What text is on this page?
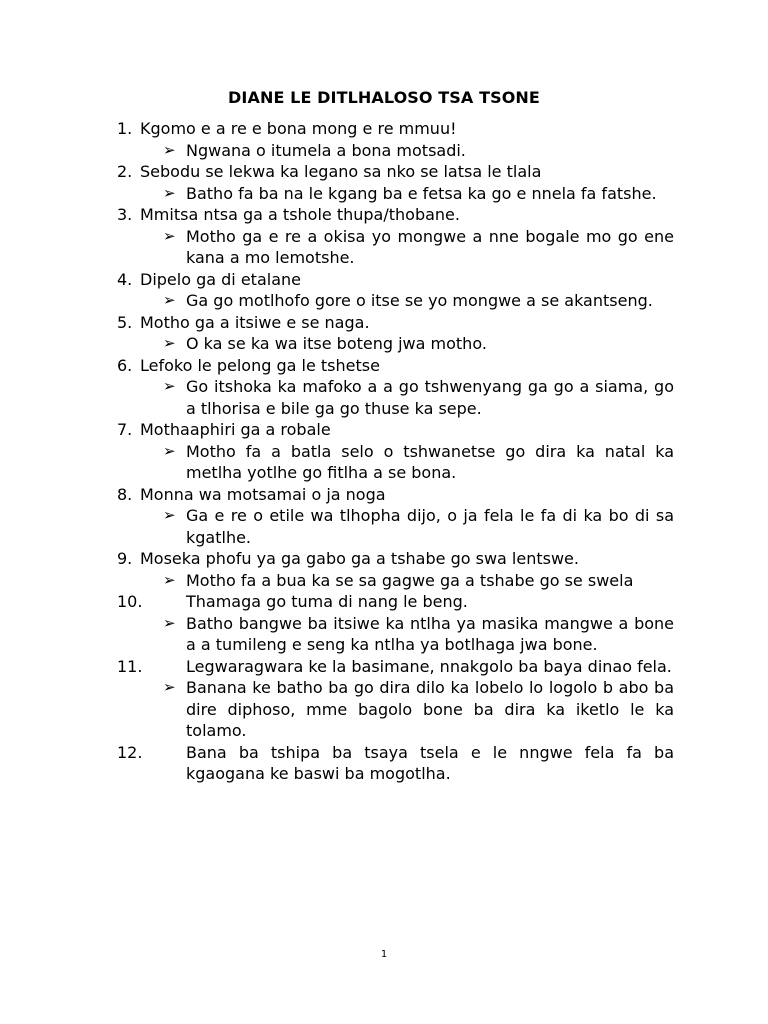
DIANE LE DITLHALOSO TSA TSONE
1. Kgomo e a re e bona mong e re mmuu!
➢ Ngwana o itumela a bona motsadi.
2. Sebodu se lekwa ka legano sa nko se latsa le tlala
➢ Batho fa ba na le kgang ba e fetsa ka go e nnela fa fatshe.
3. Mmitsa ntsa ga a tshole thupa/thobane.
➢ Motho ga e re a okisa yo mongwe a nne bogale mo go ene kana a mo lemotshe.
4. Dipelo ga di etalane
➢ Ga go motlhofo gore o itse se yo mongwe a se akantseng.
5. Motho ga a itsiwe e se naga.
➢ O ka se ka wa itse boteng jwa motho.
6. Lefoko le pelong ga le tshetse
➢ Go itshoka ka mafoko a a go tshwenyang ga go a siama, go a tlhorisa e bile ga go thuse ka sepe.
7. Mothaaphiri ga a robale
➢ Motho fa a batla selo o tshwanetse go dira ka natal ka metlha yotlhe go fitlha a se bona.
8. Monna wa motsamai o ja noga
➢ Ga e re o etile wa tlhopha dijo, o ja fela le fa di ka bo di sa kgatlhe.
9. Moseka phofu ya ga gabo ga a tshabe go swa lentswe.
➢ Motho fa a bua ka se sa gagwe ga a tshabe go se swela
10.	Thamaga go tuma di nang le beng.
➢ Batho bangwe ba itsiwe ka ntlha ya masika mangwe a bone a a tumileng e seng ka ntlha ya botlhaga jwa bone.
11.	Legwaragwara ke la basimane, nnakgolo ba baya dinao fela.
➢ Banana ke batho ba go dira dilo ka lobelo lo logolo b abo ba dire diphoso, mme bagolo bone ba dira ka iketlo le ka tolamo.
12.	Bana ba tshipa ba tsaya tsela e le nngwe fela fa ba kgaogana ke baswi ba mogotlha.
1
